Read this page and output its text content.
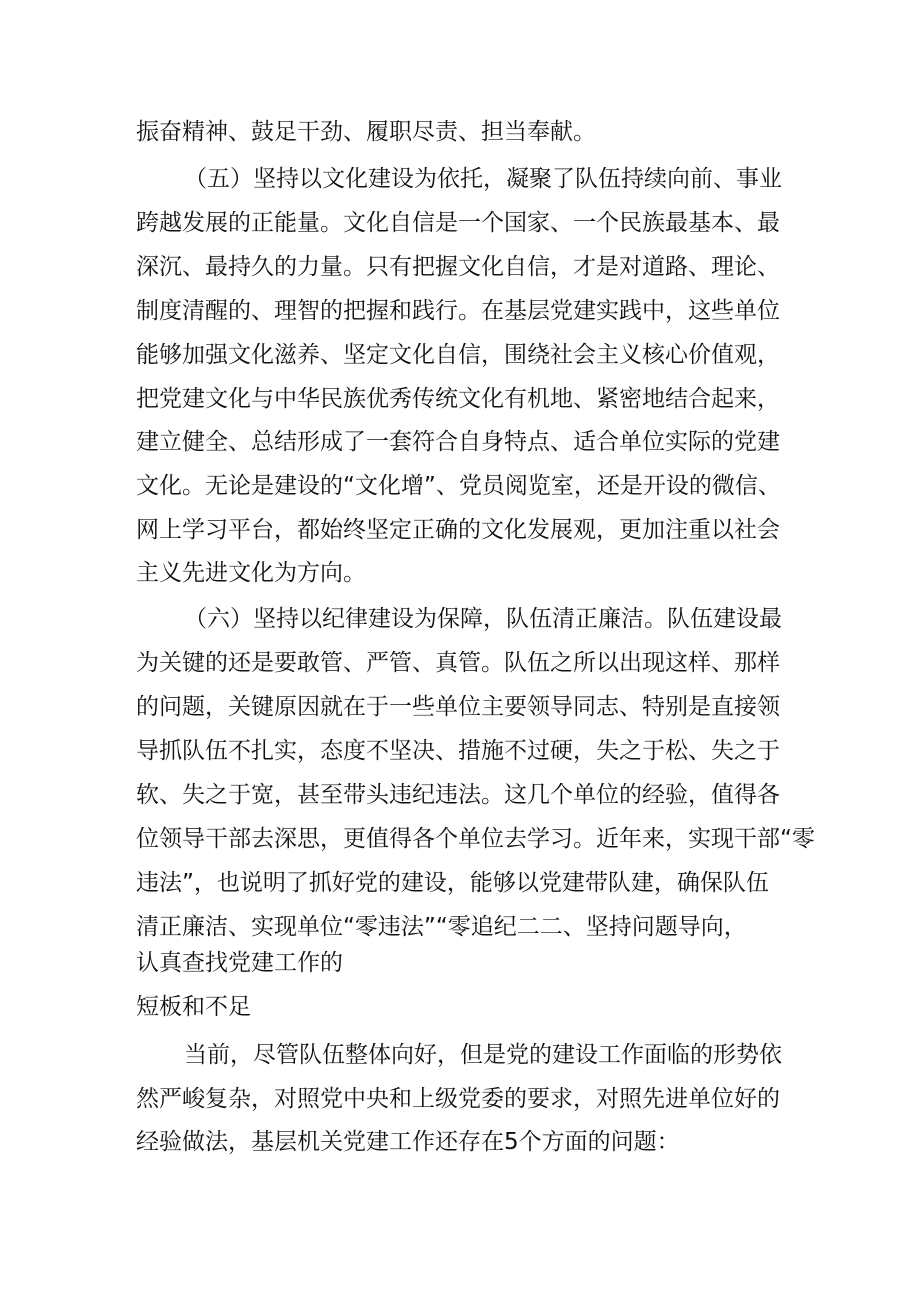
振奋精神、鼓足干劲、履职尽责、担当奉献。

（五）坚持以文化建设为依托，凝聚了队伍持续向前、事业

跨越发展的正能量。文化自信是一个国家、一个民族最基本、最

深沉、最持久的力量。只有把握文化自信，才是对道路、理论、

制度清醒的、理智的把握和践行。在基层党建实践中，这些单位

能够加强文化滋养、坚定文化自信，围绕社会主义核心价值观，

把党建文化与中华民族优秀传统文化有机地、紧密地结合起来，

建立健全、总结形成了一套符合自身特点、适合单位实际的党建

文化。无论是建设的“文化增”、党员阅览室，还是开设的微信、

网上学习平台，都始终坚定正确的文化发展观，更加注重以社会

主义先进文化为方向。

（六）坚持以纪律建设为保障，队伍清正廉洁。队伍建设最

为关键的还是要敢管、严管、真管。队伍之所以出现这样、那样

的问题，关键原因就在于一些单位主要领导同志、特别是直接领

导抓队伍不扎实，态度不坚决、措施不过硬，失之于松、失之于

软、失之于宽，甚至带头违纪违法。这几个单位的经验，值得各

位领导干部去深思，更值得各个单位去学习。近年来，实现干部“零

违法”，也说明了抓好党的建设，能够以党建带队建，确保队伍

清正廉洁、实现单位“零违法”“零追纪二二、坚持问题导向，

认真查找党建工作的

短板和不足

当前，尽管队伍整体向好，但是党的建设工作面临的形势依

然严峻复杂，对照党中央和上级党委的要求，对照先进单位好的

经验做法，基层机关党建工作还存在5个方面的问题：
